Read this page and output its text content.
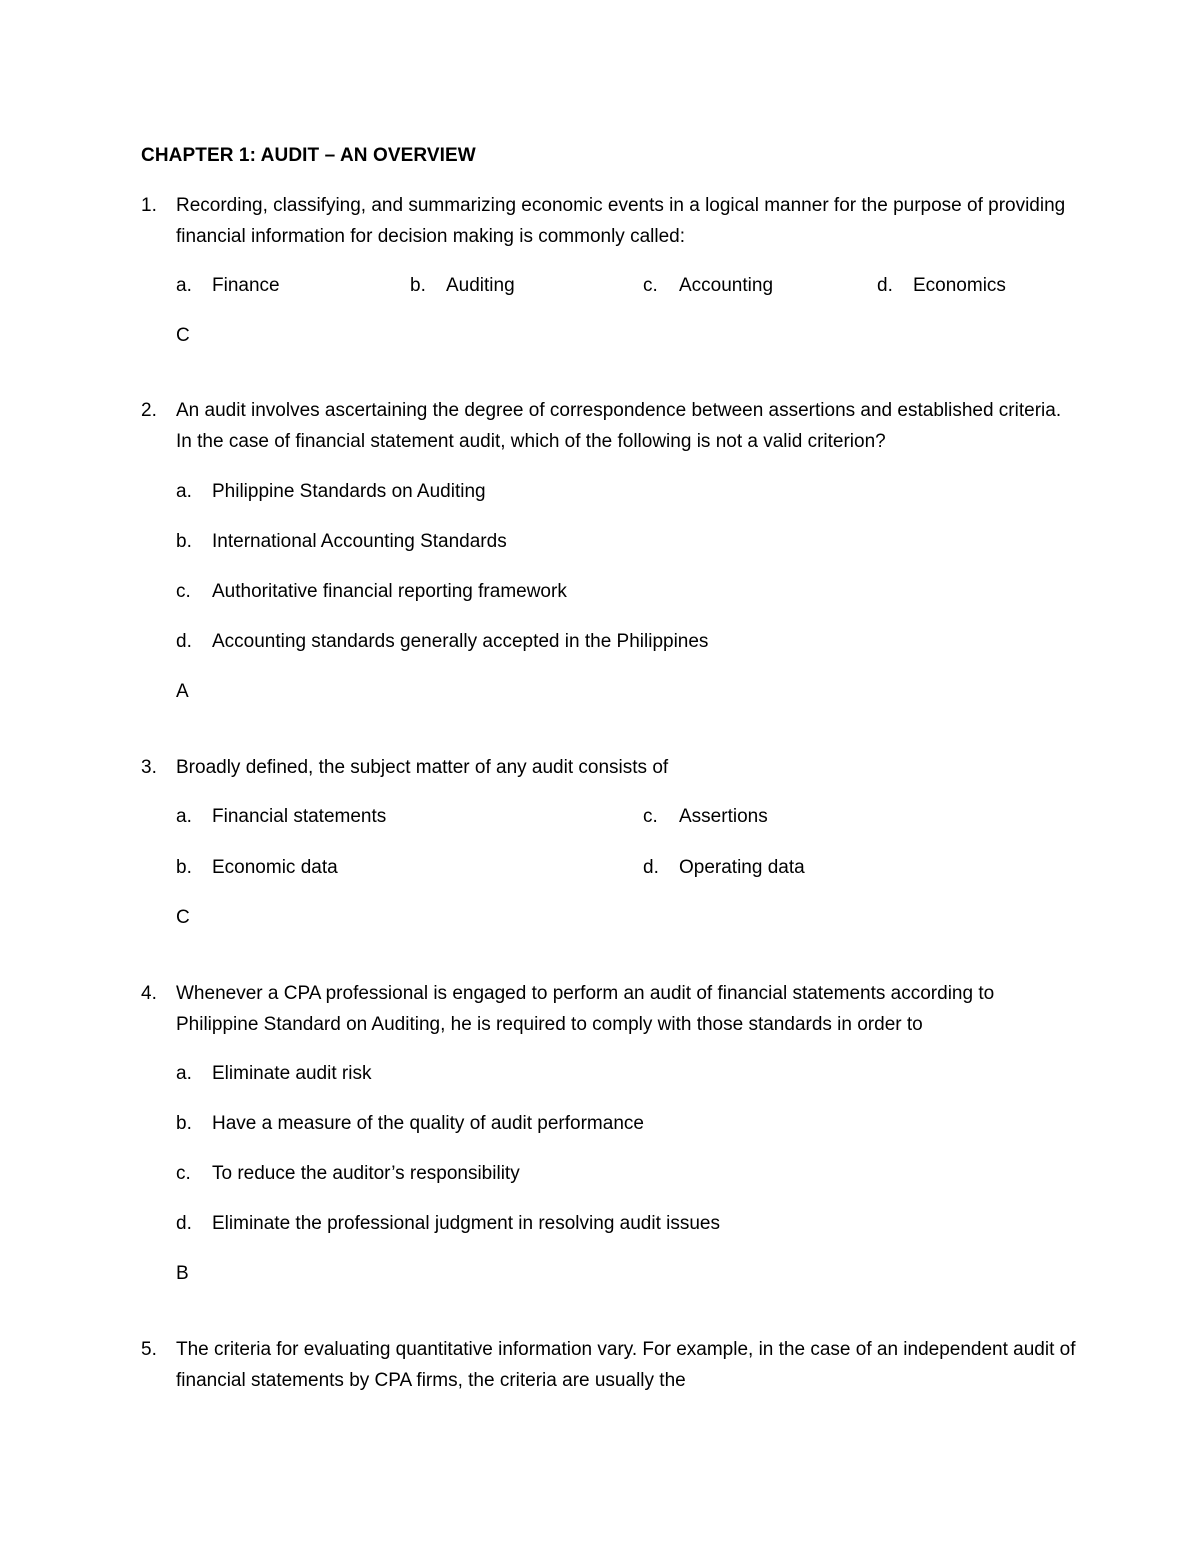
CHAPTER 1: AUDIT – AN OVERVIEW
1.	Recording, classifying, and summarizing economic events in a logical manner for the purpose of providing financial information for decision making is commonly called:
a. Finance	b. Auditing	c. Accounting	d. Economics
C
2.	An audit involves ascertaining the degree of correspondence between assertions and established criteria. In the case of financial statement audit, which of the following is not a valid criterion?
a. Philippine Standards on Auditing
b. International Accounting Standards
c. Authoritative financial reporting framework
d. Accounting standards generally accepted in the Philippines
A
3.	Broadly defined, the subject matter of any audit consists of
a. Financial statements	c. Assertions
b. Economic data	d. Operating data
C
4.	Whenever a CPA professional is engaged to perform an audit of financial statements according to Philippine Standard on Auditing, he is required to comply with those standards in order to
a. Eliminate audit risk
b. Have a measure of the quality of audit performance
c. To reduce the auditor’s responsibility
d. Eliminate the professional judgment in resolving audit issues
B
5.	The criteria for evaluating quantitative information vary. For example, in the case of an independent audit of financial statements by CPA firms, the criteria are usually the
